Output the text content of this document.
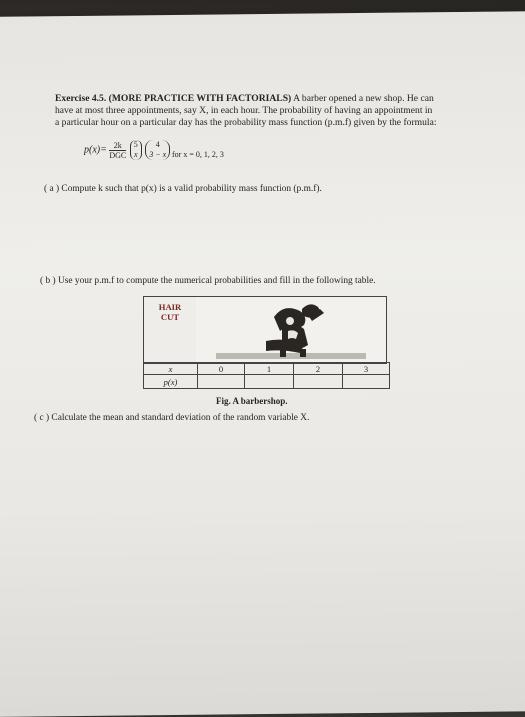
Exercise 4.5. (MORE PRACTICE WITH FACTORIALS) A barber opened a new shop. He can
have at most three appointments, say X, in each hour. The probability of having an appointment in
a particular hour on a particular day has the probability mass function (p.m.f) given by the formula:
$p(x)= \frac{2k}{\text{DGC}} 5$
x 4
3 − x for x = 0, 1, 2, 3
( a ) Compute k such that p(x) is a valid probability mass function (p.m.f).
( b ) Use your p.m.f to compute the numerical probabilities and fill in the following table.
HAIR
CUT
x	0	1	2	3
p(x)				
Fig. A barbershop.
( c ) Calculate the mean and standard deviation of the random variable X.
